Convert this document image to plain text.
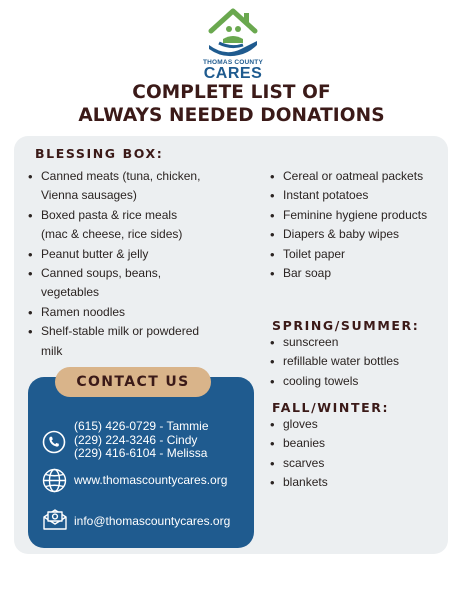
THOMAS COUNTY
CARES
COMPLETE LIST OF
ALWAYS NEEDED DONATIONS
BLESSING BOX:
• Canned meats (tuna, chicken,
Vienna sausages)
• Boxed pasta & rice meals
(mac & cheese, rice sides)
• Peanut butter & jelly
• Canned soups, beans,
vegetables
• Ramen noodles
• Shelf-stable milk or powdered
milk
• Cereal or oatmeal packets
• Instant potatoes
• Feminine hygiene products
• Diapers & baby wipes
• Toilet paper
• Bar soap
SPRING/SUMMER:
• sunscreen
• refillable water bottles
• cooling towels
FALL/WINTER:
• gloves
• beanies
• scarves
• blankets
CONTACT US
(615) 426-0729 - Tammie
(229) 224-3246 - Cindy
(229) 416-6104 - Melissa
www.thomascountycares.org
info@thomascountycares.org
